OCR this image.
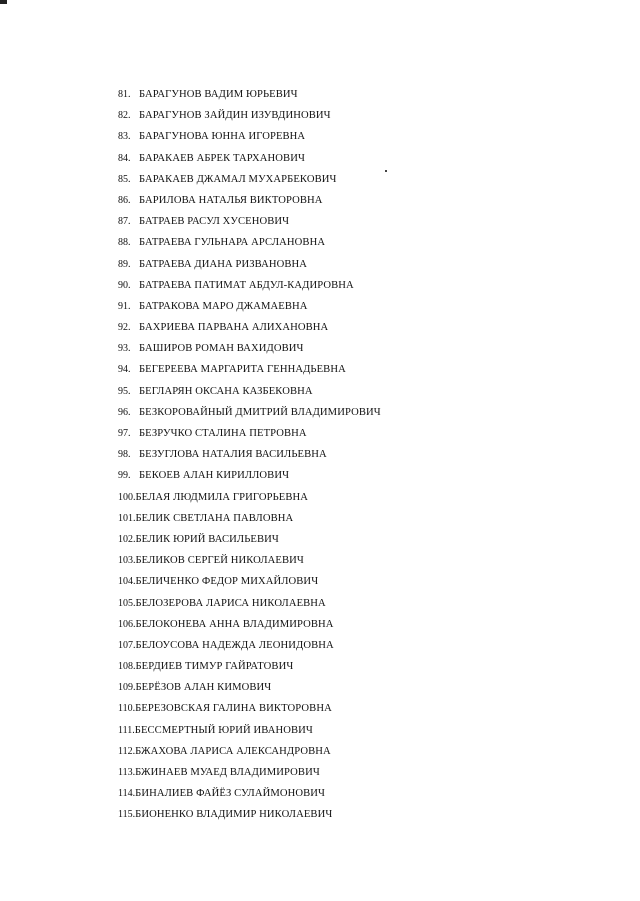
81. БАРАГУНОВ ВАДИМ ЮРЬЕВИЧ
82. БАРАГУНОВ ЗАЙДИН ИЗУВДИНОВИЧ
83. БАРАГУНОВА ЮННА ИГОРЕВНА
84. БАРАКАЕВ АБРЕК ТАРХАНОВИЧ
85. БАРАКАЕВ ДЖАМАЛ МУХАРБЕКОВИЧ
86. БАРИЛОВА НАТАЛЬЯ ВИКТОРОВНА
87. БАТРАЕВ РАСУЛ ХУСЕНОВИЧ
88. БАТРАЕВА ГУЛЬНАРА АРСЛАНОВНА
89. БАТРАЕВА ДИАНА РИЗВАНОВНА
90. БАТРАЕВА ПАТИМАТ АБДУЛ-КАДИРОВНА
91. БАТРАКОВА МАРО ДЖАМАЕВНА
92. БАХРИЕВА ПАРВАНА АЛИХАНОВНА
93. БАШИРОВ РОМАН ВАХИДОВИЧ
94. БЕГЕРЕЕВА МАРГАРИТА ГЕННАДЬЕВНА
95. БЕГЛАРЯН ОКСАНА КАЗБЕКОВНА
96. БЕЗКОРОВАЙНЫЙ ДМИТРИЙ ВЛАДИМИРОВИЧ
97. БЕЗРУЧКО СТАЛИНА ПЕТРОВНА
98. БЕЗУГЛОВА НАТАЛИЯ ВАСИЛЬЕВНА
99. БЕКОЕВ АЛАН КИРИЛЛОВИЧ
100. БЕЛАЯ ЛЮДМИЛА ГРИГОРЬЕВНА
101. БЕЛИК СВЕТЛАНА ПАВЛОВНА
102. БЕЛИК ЮРИЙ ВАСИЛЬЕВИЧ
103. БЕЛИКОВ СЕРГЕЙ НИКОЛАЕВИЧ
104. БЕЛИЧЕНКО ФЕДОР МИХАЙЛОВИЧ
105. БЕЛОЗЕРОВА ЛАРИСА НИКОЛАЕВНА
106. БЕЛОКОНЕВА АННА ВЛАДИМИРОВНА
107. БЕЛОУСОВА НАДЕЖДА ЛЕОНИДОВНА
108. БЕРДИЕВ ТИМУР ГАЙРАТОВИЧ
109. БЕРЁЗОВ АЛАН КИМОВИЧ
110. БЕРЕЗОВСКАЯ ГАЛИНА ВИКТОРОВНА
111. БЕССМЕРТНЫЙ ЮРИЙ ИВАНОВИЧ
112. БЖАХОВА ЛАРИСА АЛЕКСАНДРОВНА
113. БЖИНАЕВ МУАЕД ВЛАДИМИРОВИЧ
114. БИНАЛИЕВ ФАЙЁЗ СУЛАЙМОНОВИЧ
115. БИОНЕНКО ВЛАДИМИР НИКОЛАЕВИЧ
